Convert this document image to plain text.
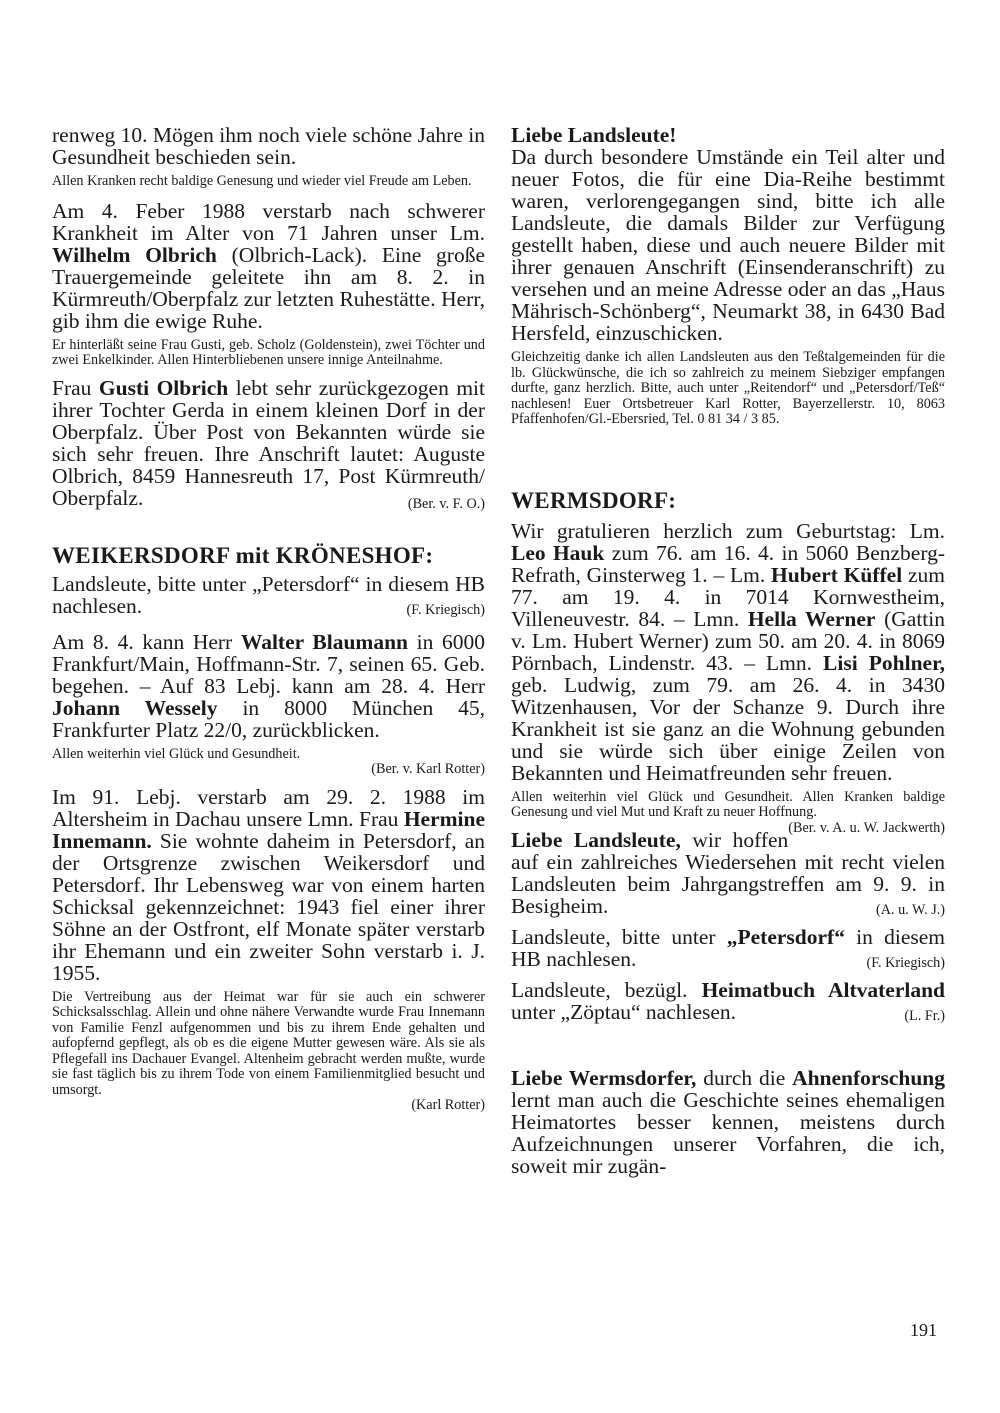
renweg 10. Mögen ihm noch viele schöne Jahre in Gesundheit beschieden sein.

Allen Kranken recht baldige Genesung und wieder viel Freude am Leben.

Am 4. Feber 1988 verstarb nach schwerer Krankheit im Alter von 71 Jahren unser Lm. Wilhelm Olbrich (Olbrich-Lack). Eine große Trauergemeinde geleitete ihn am 8. 2. in Kürmreuth/Oberpfalz zur letzten Ruhestätte. Herr, gib ihm die ewige Ruhe.

Er hinterläßt seine Frau Gusti, geb. Scholz (Goldenstein), zwei Töchter und zwei Enkelkinder. Allen Hinterbliebenen unsere innige Anteilnahme.

Frau Gusti Olbrich lebt sehr zurückgezogen mit ihrer Tochter Gerda in einem kleinen Dorf in der Oberpfalz. Über Post von Bekannten würde sie sich sehr freuen. Ihre Anschrift lautet: Auguste Olbrich, 8459 Hannesreuth 17, Post Kürmreuth/ Oberpfalz.	(Ber. v. F. O.)

WEIKERSDORF mit KRÖNESHOF:

Landsleute, bitte unter „Petersdorf“ in diesem HB nachlesen.	(F. Kriegisch)

Am 8. 4. kann Herr Walter Blaumann in 6000 Frankfurt/Main, Hoffmann-Str. 7, seinen 65. Geb. begehen. – Auf 83 Lebj. kann am 28. 4. Herr Johann Wessely in 8000 München 45, Frankfurter Platz 22/0, zurückblicken.

Allen weiterhin viel Glück und Gesundheit.

(Ber. v. Karl Rotter)

Im 91. Lebj. verstarb am 29. 2. 1988 im Altersheim in Dachau unsere Lmn. Frau Hermine Innemann. Sie wohnte daheim in Petersdorf, an der Ortsgrenze zwischen Weikersdorf und Petersdorf. Ihr Lebensweg war von einem harten Schicksal gekennzeichnet: 1943 fiel einer ihrer Söhne an der Ostfront, elf Monate später verstarb ihr Ehemann und ein zweiter Sohn verstarb i. J. 1955.

Die Vertreibung aus der Heimat war für sie auch ein schwerer Schicksalsschlag. Allein und ohne nähere Verwandte wurde Frau Innemann von Familie Fenzl aufgenommen und bis zu ihrem Ende gehalten und aufopfernd gepflegt, als ob es die eigene Mutter gewesen wäre. Als sie als Pflegefall ins Dachauer Evangel. Altenheim gebracht werden mußte, wurde sie fast täglich bis zu ihrem Tode von einem Familienmitglied besucht und umsorgt.

(Karl Rotter)

Liebe Landsleute!
Da durch besondere Umstände ein Teil alter und neuer Fotos, die für eine Dia-Reihe bestimmt waren, verlorengegangen sind, bitte ich alle Landsleute, die damals Bilder zur Verfügung gestellt haben, diese und auch neuere Bilder mit ihrer genauen Anschrift (Einsenderanschrift) zu versehen und an meine Adresse oder an das „Haus Mährisch-Schönberg“, Neumarkt 38, in 6430 Bad Hersfeld, einzuschicken.

Gleichzeitig danke ich allen Landsleuten aus den Teßtalgemeinden für die lb. Glückwünsche, die ich so zahlreich zu meinem Siebziger empfangen durfte, ganz herzlich. Bitte, auch unter „Reitendorf“ und „Petersdorf/Teß“ nachlesen! Euer Ortsbetreuer Karl Rotter, Bayerzellerstr. 10, 8063 Pfaffenhofen/Gl.-Ebersried, Tel. 0 81 34 / 3 85.

WERMSDORF:

Wir gratulieren herzlich zum Geburtstag: Lm. Leo Hauk zum 76. am 16. 4. in 5060 Benzberg-Refrath, Ginsterweg 1. – Lm. Hubert Küffel zum 77. am 19. 4. in 7014 Kornwestheim, Villeneuvestr. 84. – Lmn. Hella Werner (Gattin v. Lm. Hubert Werner) zum 50. am 20. 4. in 8069 Pörnbach, Lindenstr. 43. – Lmn. Lisi Pohlner, geb. Ludwig, zum 79. am 26. 4. in 3430 Witzenhausen, Vor der Schanze 9. Durch ihre Krankheit ist sie ganz an die Wohnung gebunden und sie würde sich über einige Zeilen von Bekannten und Heimatfreunden sehr freuen.

Allen weiterhin viel Glück und Gesundheit. Allen Kranken baldige Genesung und viel Mut und Kraft zu neuer Hoffnung.
(Ber. v. A. u. W. Jackwerth)

Liebe Landsleute, wir hoffen auf ein zahlreiches Wiedersehen mit recht vielen Landsleuten beim Jahrgangstreffen am 9. 9. in Besigheim.	(A. u. W. J.)

Landsleute, bitte unter „Petersdorf“ in diesem HB nachlesen.	(F. Kriegisch)

Landsleute, bezügl. Heimatbuch Altvaterland unter „Zöptau“ nachlesen.	(L. Fr.)

Liebe Wermsdorfer, durch die Ahnenforschung lernt man auch die Geschichte seines ehemaligen Heimatortes besser kennen, meistens durch Aufzeichnungen unserer Vorfahren, die ich, soweit mir zugän-

191
